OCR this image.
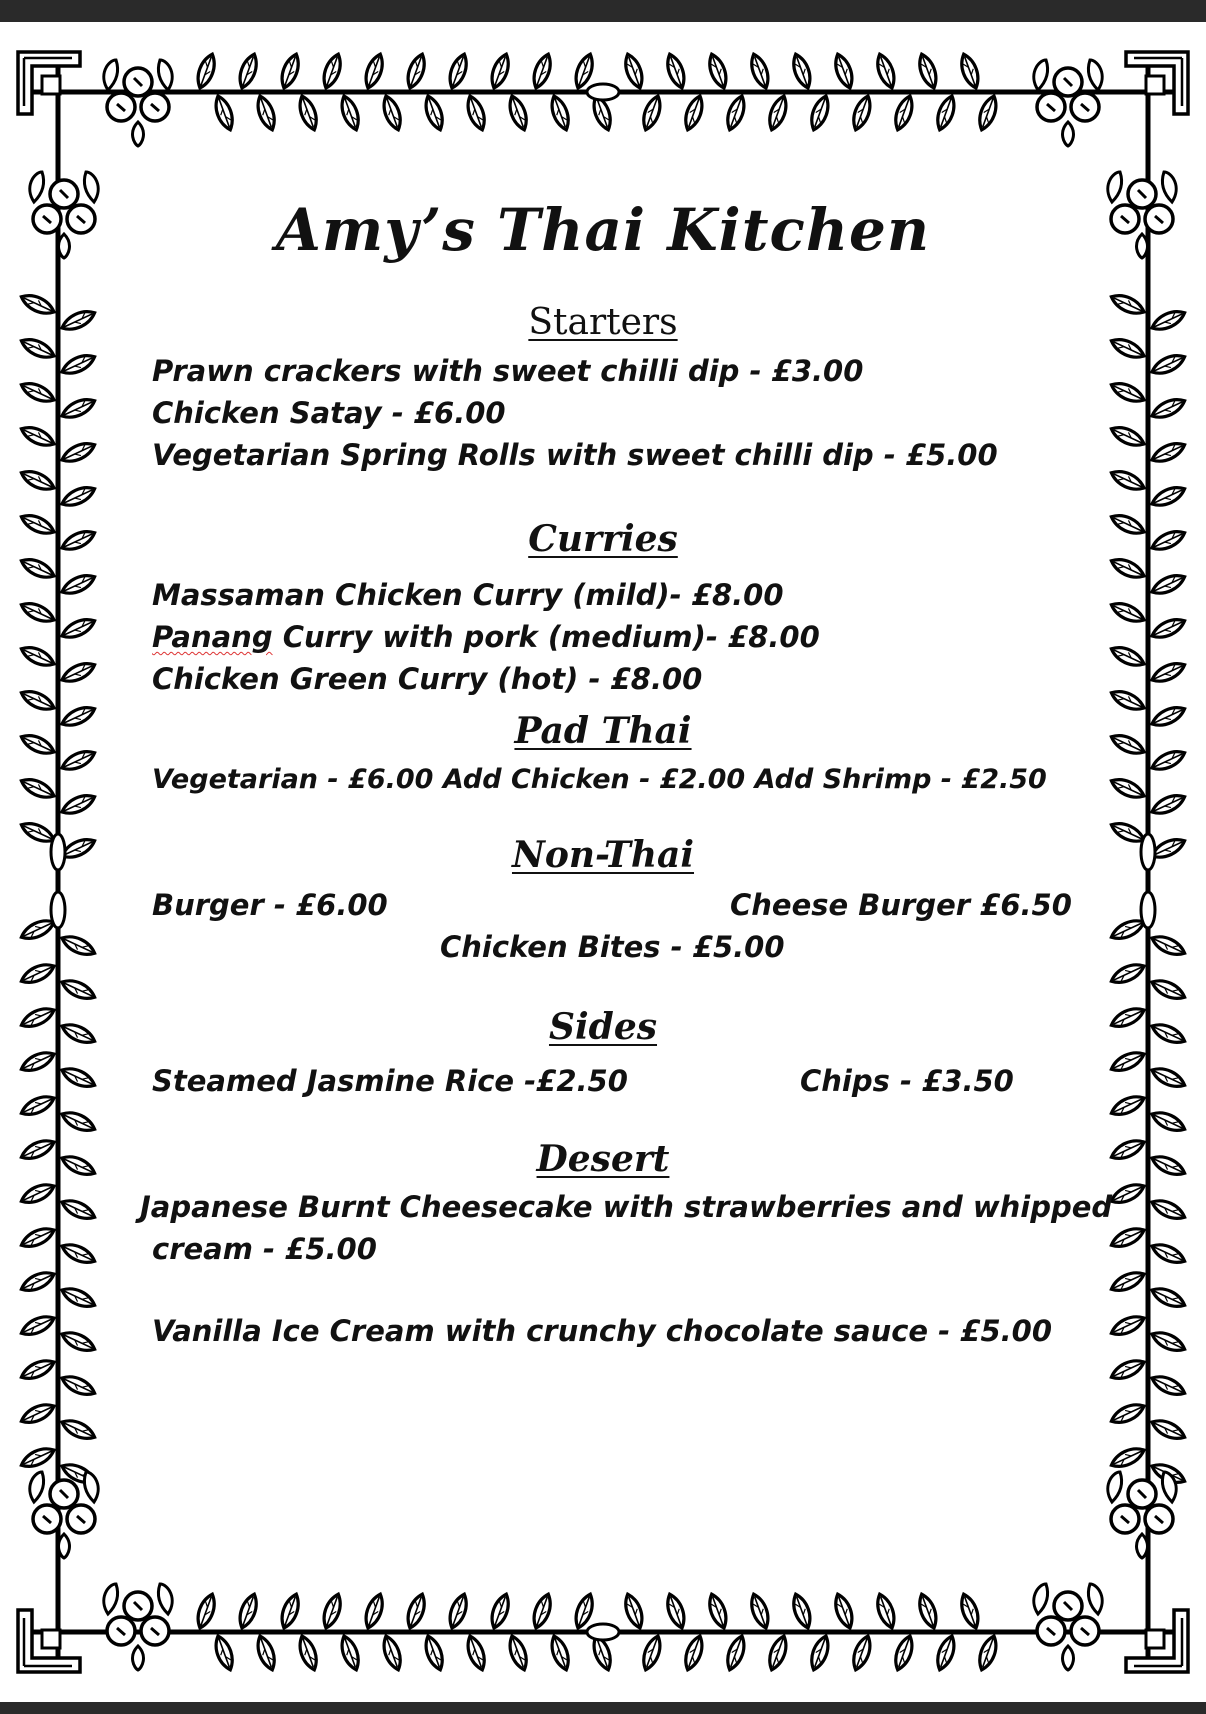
Amy’s Thai Kitchen
Starters
Prawn crackers with sweet chilli dip - £3.00
Chicken Satay - £6.00
Vegetarian Spring Rolls with sweet chilli dip - £5.00
Curries
Massaman Chicken Curry (mild)- £8.00
Panang Curry with pork (medium)- £8.00
Chicken Green Curry (hot) - £8.00
Pad Thai
Vegetarian - £6.00 Add Chicken - £2.00 Add Shrimp - £2.50
Non-Thai
Burger - £6.00	Cheese Burger £6.50
Chicken Bites - £5.00
Sides
Steamed Jasmine Rice -£2.50	Chips - £3.50
Desert
Japanese Burnt Cheesecake with strawberries and whipped
cream - £5.00
Vanilla Ice Cream with crunchy chocolate sauce - £5.00
